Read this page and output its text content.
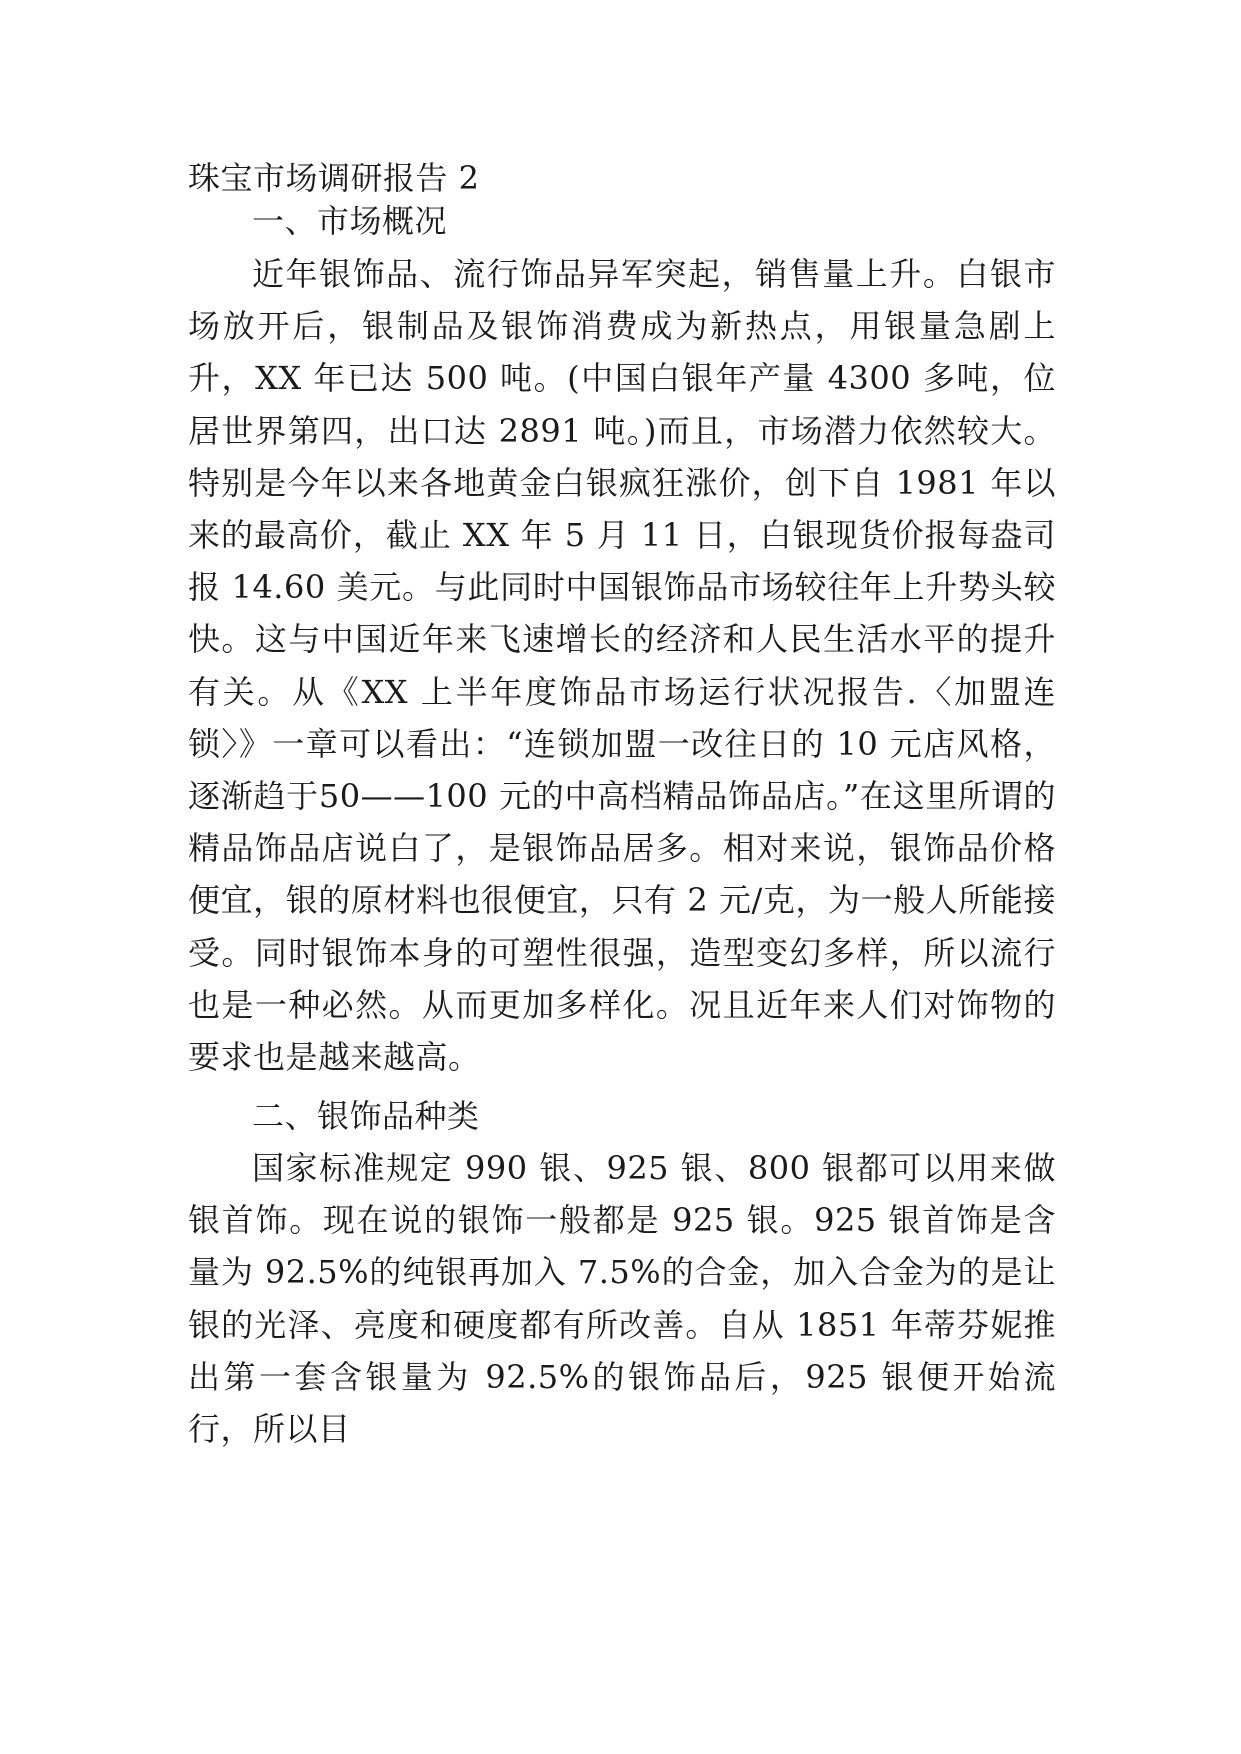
珠宝市场调研报告 2
一、市场概况
近年银饰品、流行饰品异军突起，销售量上升。白银市场放开后，银制品及银饰消费成为新热点，用银量急剧上升，XX 年已达 500 吨。(中国白银年产量 4300 多吨，位居世界第四，出口达 2891 吨。)而且，市场潜力依然较大。特别是今年以来各地黄金白银疯狂涨价，创下自 1981 年以来的最高价，截止 XX 年 5 月 11 日，白银现货价报每盎司报 14.60 美元。与此同时中国银饰品市场较往年上升势头较快。这与中国近年来飞速增长的经济和人民生活水平的提升有关。从《XX 上半年度饰品市场运行状况报告.〈加盟连锁〉》一章可以看出：“连锁加盟一改往日的 10 元店风格，逐渐趋于50——100 元的中高档精品饰品店。”在这里所谓的精品饰品店说白了，是银饰品居多。相对来说，银饰品价格便宜，银的原材料也很便宜，只有 2 元/克，为一般人所能接受。同时银饰本身的可塑性很强，造型变幻多样，所以流行也是一种必然。从而更加多样化。况且近年来人们对饰物的要求也是越来越高。
二、银饰品种类
国家标准规定 990 银、925 银、800 银都可以用来做银首饰。现在说的银饰一般都是 925 银。925 银首饰是含量为 92.5%的纯银再加入 7.5%的合金，加入合金为的是让银的光泽、亮度和硬度都有所改善。自从 1851 年蒂芬妮推出第一套含银量为 92.5%的银饰品后，925 银便开始流行，所以目
